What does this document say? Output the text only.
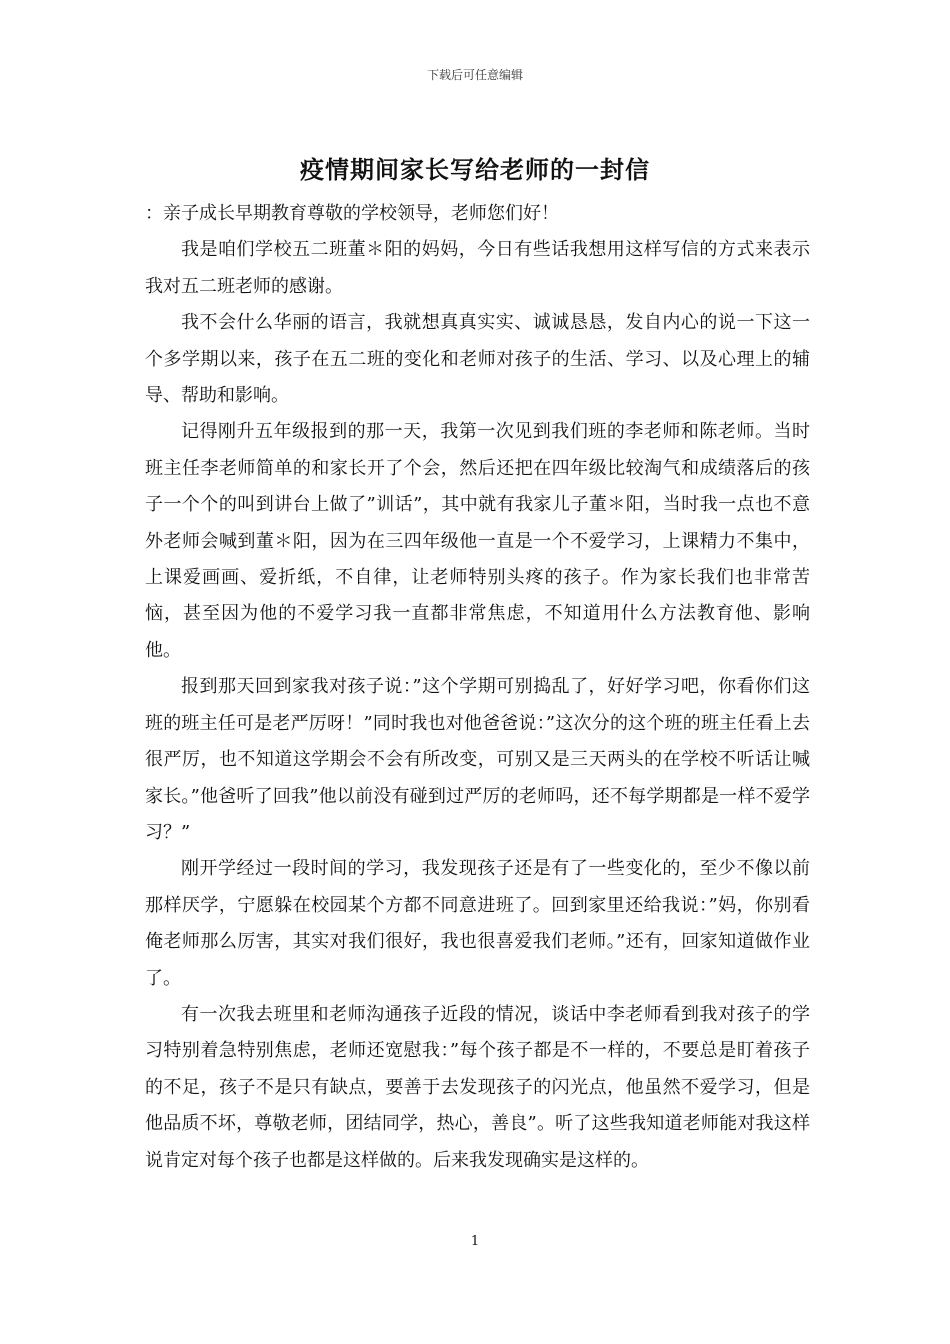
下载后可任意编辑
疫情期间家长写给老师的一封信

：亲子成长早期教育尊敬的学校领导，老师您们好！

我是咱们学校五二班董＊阳的妈妈，今日有些话我想用这样写信的方式来表示我对五二班老师的感谢。

我不会什么华丽的语言，我就想真真实实、诚诚恳恳，发自内心的说一下这一个多学期以来，孩子在五二班的变化和老师对孩子的生活、学习、以及心理上的辅导、帮助和影响。

记得刚升五年级报到的那一天，我第一次见到我们班的李老师和陈老师。当时班主任李老师简单的和家长开了个会，然后还把在四年级比较淘气和成绩落后的孩子一个个的叫到讲台上做了”训话”，其中就有我家儿子董＊阳，当时我一点也不意外老师会喊到董＊阳，因为在三四年级他一直是一个不爱学习，上课精力不集中，上课爱画画、爱折纸，不自律，让老师特别头疼的孩子。作为家长我们也非常苦恼，甚至因为他的不爱学习我一直都非常焦虑，不知道用什么方法教育他、影响他。

报到那天回到家我对孩子说：”这个学期可别捣乱了，好好学习吧，你看你们这班的班主任可是老严厉呀！”同时我也对他爸爸说：”这次分的这个班的班主任看上去很严厉，也不知道这学期会不会有所改变，可别又是三天两头的在学校不听话让喊家长。”他爸听了回我”他以前没有碰到过严厉的老师吗，还不每学期都是一样不爱学习？”

刚开学经过一段时间的学习，我发现孩子还是有了一些变化的，至少不像以前那样厌学，宁愿躲在校园某个方都不同意进班了。回到家里还给我说：”妈，你别看俺老师那么厉害，其实对我们很好，我也很喜爱我们老师。”还有，回家知道做作业了。

有一次我去班里和老师沟通孩子近段的情况，谈话中李老师看到我对孩子的学习特别着急特别焦虑，老师还宽慰我：”每个孩子都是不一样的，不要总是盯着孩子的不足，孩子不是只有缺点，要善于去发现孩子的闪光点，他虽然不爱学习，但是他品质不坏，尊敬老师，团结同学，热心，善良”。听了这些我知道老师能对我这样说肯定对每个孩子也都是这样做的。后来我发现确实是这样的。

1
